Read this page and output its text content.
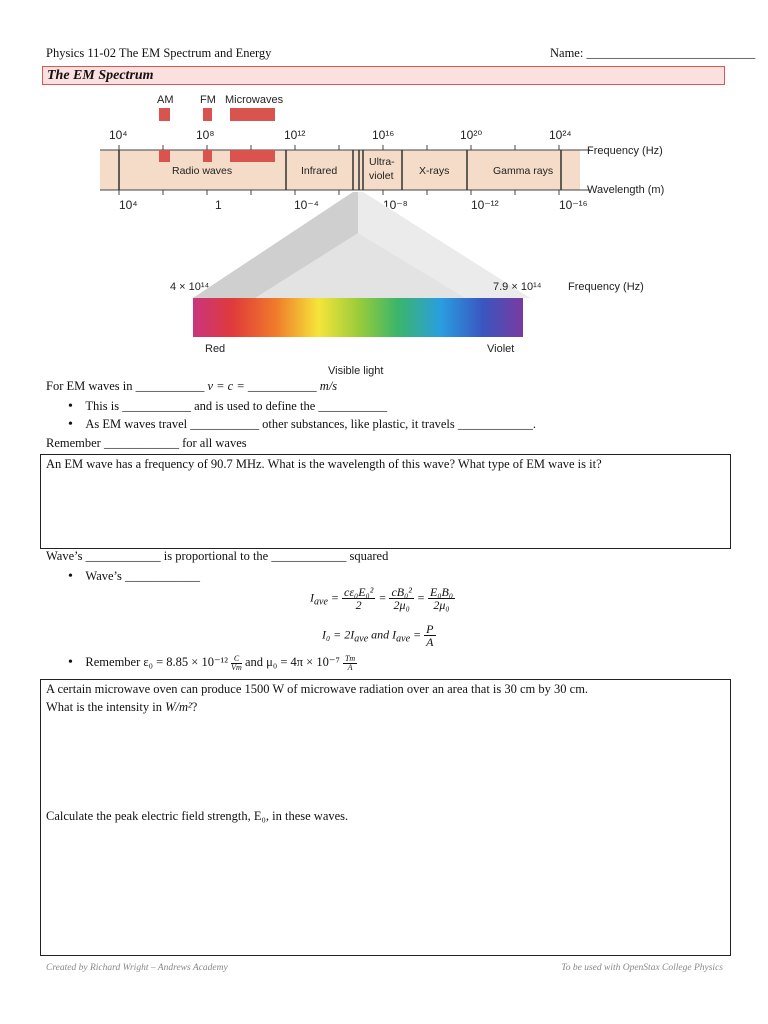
Physics 11-02 The EM Spectrum and Energy	Name: ___________________________
The EM Spectrum
AM FM Microwaves
10⁴	10⁸	10¹²	10¹⁶	10²⁰	10²⁴
Radio waves	Infrared
Ultra-
violet X-rays	Gamma rays
Frequency (Hz)
Wavelength (m)
10⁴	1	10⁻⁴	10⁻⁸	10⁻¹²	10⁻¹⁶
4 × 10¹⁴	7.9 × 10¹⁴ Frequency (Hz)
Red	Violet
Visible light
For EM waves in ___________ v = c = ___________ m/s
• This is ___________ and is used to define the ___________
• As EM waves travel ___________ other substances, like plastic, it travels ____________.
Remember ____________ for all waves
An EM wave has a frequency of 90.7 MHz. What is the wavelength of this wave? What type of EM wave is it?
Wave’s ____________ is proportional to the ____________ squared
• Wave’s ____________
$I_{ave} = \frac{\text{cε₀E₀²}}{2} = \frac{\text{cB₀²}}{\text{2μ₀}} = \frac{\text{E₀B₀}}{\text{2μ₀}}$
$I_0 = 2I_{ave}$ and $I_{ave} = \frac{P}{A}$
• Remember $\varepsilon_0 = 8.85 \times 10^{-12} \frac{C}{Vm}$ and $\mu_0 = 4\pi \times 10^{-7} \frac{Tm}{A}$
A certain microwave oven can produce 1500 W of microwave radiation over an area that is 30 cm by 30 cm.
What is the intensity in W/m²?
Calculate the peak electric field strength, E₀, in these waves.
Created by Richard Wright – Andrews Academy	To be used with OpenStax College Physics
